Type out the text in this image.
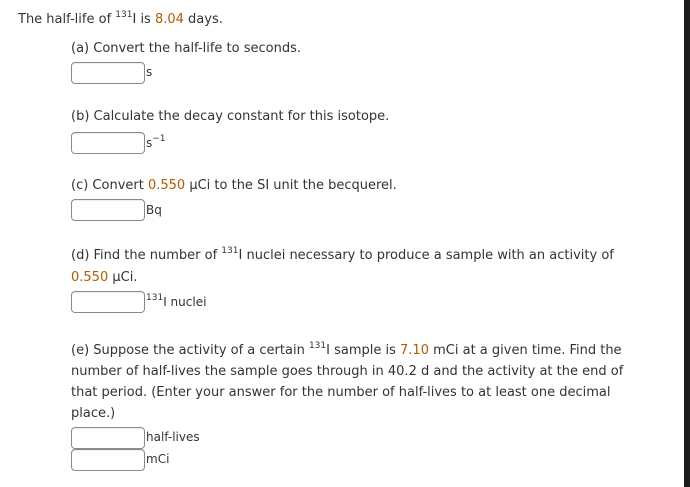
The half-life of $^{131}$I is 8.04 days.
(a) Convert the half-life to seconds.
s
(b) Calculate the decay constant for this isotope.
$s^{-1}$
(c) Convert 0.550 µCi to the SI unit the becquerel.
Bq
(d) Find the number of $^{131}$I nuclei necessary to produce a sample with an activity of
0.550 µCi.
$^{131}$I nuclei
(e) Suppose the activity of a certain $^{131}$I sample is 7.10 mCi at a given time. Find the
number of half-lives the sample goes through in 40.2 d and the activity at the end of
that period. (Enter your answer for the number of half-lives to at least one decimal
place.)
half-lives
mCi
